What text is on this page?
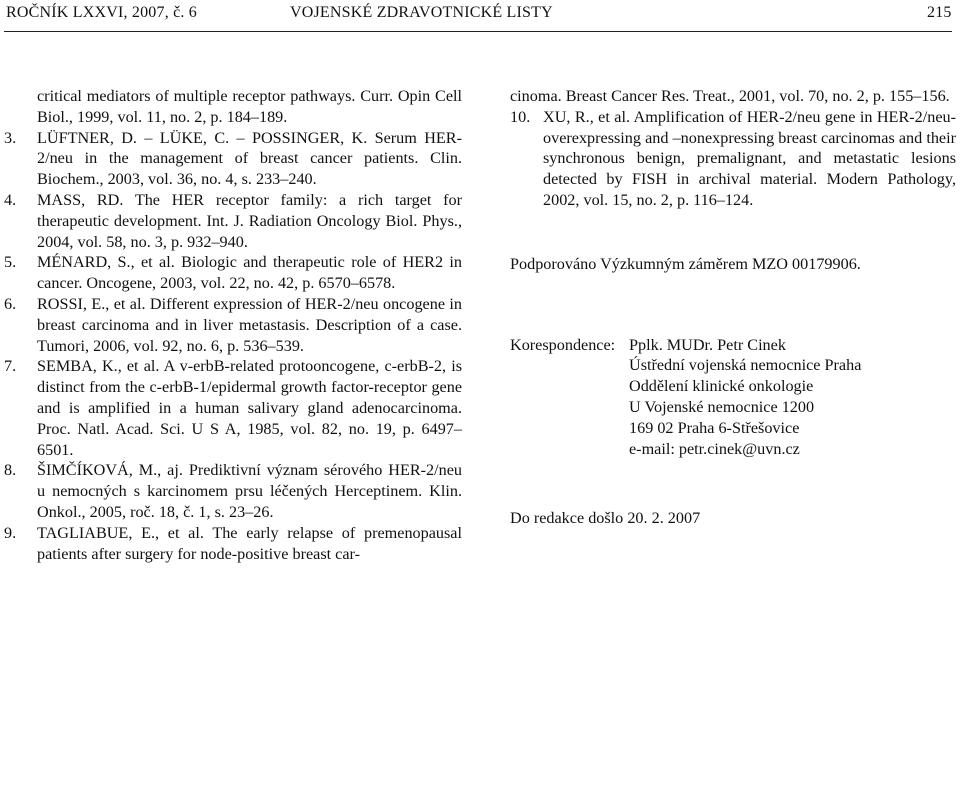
ROČNÍK LXXVI, 2007, č. 6	VOJENSKÉ ZDRAVOTNICKÉ LISTY	215

critical mediators of multiple receptor pathways. Curr. Opin Cell Biol., 1999, vol. 11, no. 2, p. 184–189.

3. LÜFTNER, D. – LÜKE, C. – POSSINGER, K. Serum HER-2/neu in the management of breast cancer patients. Clin. Biochem., 2003, vol. 36, no. 4, s. 233–240.

4. MASS, RD. The HER receptor family: a rich target for therapeutic development. Int. J. Radiation Oncology Biol. Phys., 2004, vol. 58, no. 3, p. 932–940.

5. MÉNARD, S., et al. Biologic and therapeutic role of HER2 in cancer. Oncogene, 2003, vol. 22, no. 42, p. 6570–6578.

6. ROSSI, E., et al. Different expression of HER-2/neu oncogene in breast carcinoma and in liver metastasis. Description of a case. Tumori, 2006, vol. 92, no. 6, p. 536–539.

7. SEMBA, K., et al. A v-erbB-related protooncogene, c-erbB-2, is distinct from the c-erbB-1/epidermal growth factor-receptor gene and is amplified in a human salivary gland adenocarcinoma. Proc. Natl. Acad. Sci. U S A, 1985, vol. 82, no. 19, p. 6497–6501.

8. ŠIMČÍKOVÁ, M., aj. Prediktivní význam sérového HER-2/neu u nemocných s karcinomem prsu léčených Herceptinem. Klin. Onkol., 2005, roč. 18, č. 1, s. 23–26.

9. TAGLIABUE, E., et al. The early relapse of premenopausal patients after surgery for node-positive breast car-

cinoma. Breast Cancer Res. Treat., 2001, vol. 70, no. 2, p. 155–156.

10. XU, R., et al. Amplification of HER-2/neu gene in HER-2/neu-overexpressing and –nonexpressing breast carcinomas and their synchronous benign, premalignant, and metastatic lesions detected by FISH in archival material. Modern Pathology, 2002, vol. 15, no. 2, p. 116–124.

Podporováno Výzkumným záměrem MZO 00179906.
Korespondence: Pplk. MUDr. Petr Cinek
Ústřední vojenská nemocnice Praha
Oddělení klinické onkologie
U Vojenské nemocnice 1200
169 02 Praha 6-Střešovice
e-mail: petr.cinek@uvn.cz
Do redakce došlo 20. 2. 2007
